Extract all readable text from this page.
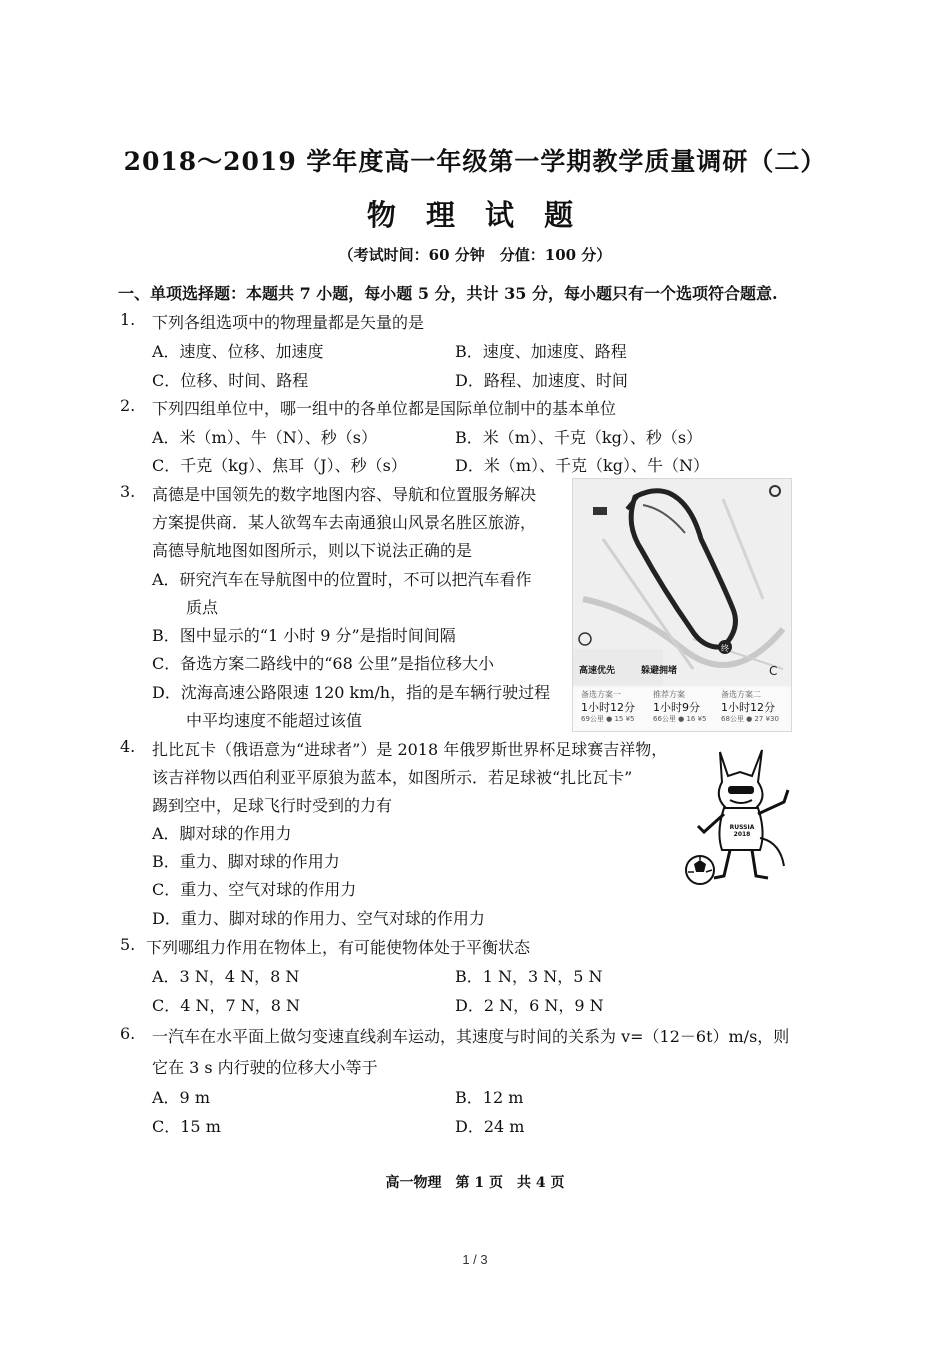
2018～2019 学年度高一年级第一学期教学质量调研（二）
物 理 试 题
（考试时间：60 分钟　分值：100 分）
一、单项选择题：本题共 7 小题，每小题 5 分，共计 35 分，每小题只有一个选项符合题意.
1. 下列各组选项中的物理量都是矢量的是
A．速度、位移、加速度	B．速度、加速度、路程
C．位移、时间、路程	D．路程、加速度、时间
2. 下列四组单位中，哪一组中的各单位都是国际单位制中的基本单位
A．米（m）、牛（N）、秒（s）	B．米（m）、千克（kg）、秒（s）
C．千克（kg）、焦耳（J）、秒（s）	D．米（m）、千克（kg）、牛（N）
3. 高德是中国领先的数字地图内容、导航和位置服务解决
方案提供商．某人欲驾车去南通狼山风景名胜区旅游，
高德导航地图如图所示，则以下说法正确的是
A．研究汽车在导航图中的位置时，不可以把汽车看作
质点
B．图中显示的“1 小时 9 分”是指时间间隔
C．备选方案二路线中的“68 公里”是指位移大小
D．沈海高速公路限速 120 km/h，指的是车辆行驶过程
中平均速度不能超过该值
终
C
高速优先	躲避拥堵
备选方案一
1小时12分
69公里 ● 15 ¥5
推荐方案
1小时9分
66公里 ● 16 ¥5
备选方案二
1小时12分
68公里 ● 27 ¥30
4. 扎比瓦卡（俄语意为“进球者”）是 2018 年俄罗斯世界杯足球赛吉祥物，
该吉祥物以西伯利亚平原狼为蓝本，如图所示．若足球被“扎比瓦卡”
踢到空中，足球飞行时受到的力有
A．脚对球的作用力
B．重力、脚对球的作用力
C．重力、空气对球的作用力
D．重力、脚对球的作用力、空气对球的作用力
RUSSIA 2018
5. 下列哪组力作用在物体上，有可能使物体处于平衡状态
A．3 N，4 N，8 N	B．1 N，3 N，5 N
C．4 N，7 N，8 N	D．2 N，6 N，9 N
6. 一汽车在水平面上做匀变速直线刹车运动，其速度与时间的关系为 v=（12－6t）m/s，则
它在 3 s 内行驶的位移大小等于
A．9 m	B．12 m
C．15 m	D．24 m
高一物理　第 1 页　共 4 页
1 / 3
